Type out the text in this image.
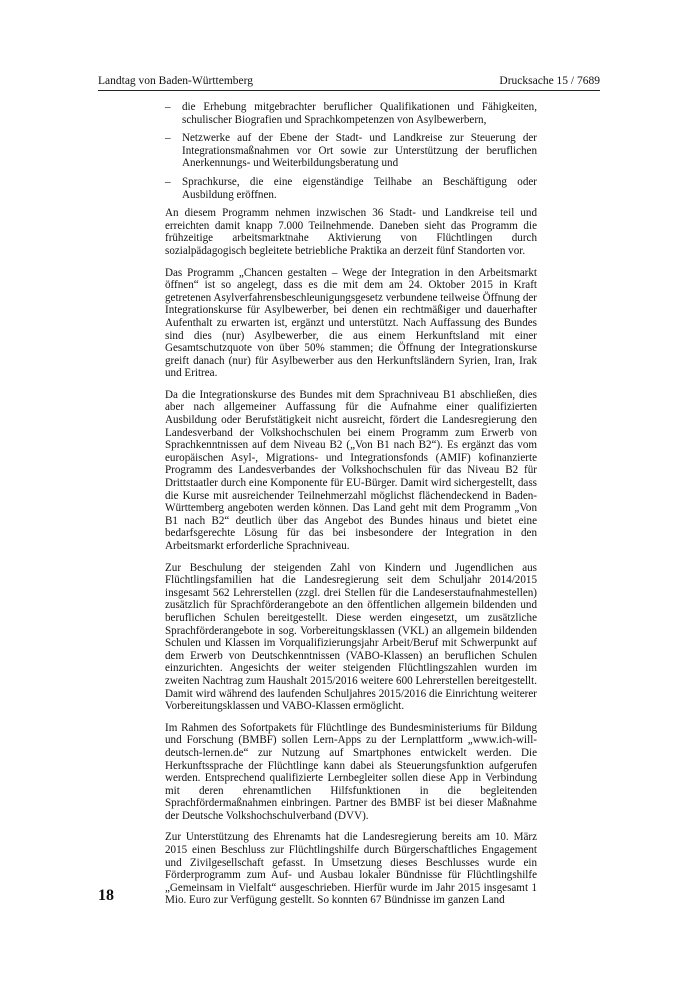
Landtag von Baden-Württemberg	Drucksache 15 / 7689
– die Erhebung mitgebrachter beruflicher Qualifikationen und Fähigkeiten, schulischer Biografien und Sprachkompetenzen von Asylbewerbern,
– Netzwerke auf der Ebene der Stadt- und Landkreise zur Steuerung der Integrationsmaßnahmen vor Ort sowie zur Unterstützung der beruflichen Anerkennungs- und Weiterbildungsberatung und
– Sprachkurse, die eine eigenständige Teilhabe an Beschäftigung oder Ausbildung eröffnen.

An diesem Programm nehmen inzwischen 36 Stadt- und Landkreise teil und erreichten damit knapp 7.000 Teilnehmende. Daneben sieht das Programm die frühzeitige arbeitsmarktnahe Aktivierung von Flüchtlingen durch sozialpädagogisch begleitete betriebliche Praktika an derzeit fünf Standorten vor.

Das Programm „Chancen gestalten – Wege der Integration in den Arbeitsmarkt öffnen“ ist so angelegt, dass es die mit dem am 24. Oktober 2015 in Kraft getretenen Asylverfahrensbeschleunigungsgesetz verbundene teilweise Öffnung der Integrationskurse für Asylbewerber, bei denen ein rechtmäßiger und dauerhafter Aufenthalt zu erwarten ist, ergänzt und unterstützt. Nach Auffassung des Bundes sind dies (nur) Asylbewerber, die aus einem Herkunftsland mit einer Gesamtschutzquote von über 50% stammen; die Öffnung der Integrationskurse greift danach (nur) für Asylbewerber aus den Herkunftsländern Syrien, Iran, Irak und Eritrea.

Da die Integrationskurse des Bundes mit dem Sprachniveau B1 abschließen, dies aber nach allgemeiner Auffassung für die Aufnahme einer qualifizierten Ausbildung oder Berufstätigkeit nicht ausreicht, fördert die Landesregierung den Landesverband der Volkshochschulen bei einem Programm zum Erwerb von Sprachkenntnissen auf dem Niveau B2 („Von B1 nach B2“). Es ergänzt das vom europäischen Asyl-, Migrations- und Integrationsfonds (AMIF) kofinanzierte Programm des Landesverbandes der Volkshochschulen für das Niveau B2 für Drittstaatler durch eine Komponente für EU-Bürger. Damit wird sichergestellt, dass die Kurse mit ausreichender Teilnehmerzahl möglichst flächendeckend in Baden-Württemberg angeboten werden können. Das Land geht mit dem Programm „Von B1 nach B2“ deutlich über das Angebot des Bundes hinaus und bietet eine bedarfsgerechte Lösung für das bei insbesondere der Integration in den Arbeitsmarkt erforderliche Sprachniveau.

Zur Beschulung der steigenden Zahl von Kindern und Jugendlichen aus Flüchtlingsfamilien hat die Landesregierung seit dem Schuljahr 2014/2015 insgesamt 562 Lehrerstellen (zzgl. drei Stellen für die Landeserstaufnahmestellen) zusätzlich für Sprachförderangebote an den öffentlichen allgemein bildenden und beruflichen Schulen bereitgestellt. Diese werden eingesetzt, um zusätzliche Sprachförderangebote in sog. Vorbereitungsklassen (VKL) an allgemein bildenden Schulen und Klassen im Vorqualifizierungsjahr Arbeit/Beruf mit Schwerpunkt auf dem Erwerb von Deutschkenntnissen (VABO-Klassen) an beruflichen Schulen einzurichten. Angesichts der weiter steigenden Flüchtlingszahlen wurden im zweiten Nachtrag zum Haushalt 2015/2016 weitere 600 Lehrerstellen bereitgestellt. Damit wird während des laufenden Schuljahres 2015/2016 die Einrichtung weiterer Vorbereitungsklassen und VABO-Klassen ermöglicht.

Im Rahmen des Sofortpakets für Flüchtlinge des Bundesministeriums für Bildung und Forschung (BMBF) sollen Lern-Apps zu der Lernplattform „www.ich-will-deutsch-lernen.de“ zur Nutzung auf Smartphones entwickelt werden. Die Herkunftssprache der Flüchtlinge kann dabei als Steuerungsfunktion aufgerufen werden. Entsprechend qualifizierte Lernbegleiter sollen diese App in Verbindung mit deren ehrenamtlichen Hilfsfunktionen in die begleitenden Sprachfördermaßnahmen einbringen. Partner des BMBF ist bei dieser Maßnahme der Deutsche Volkshochschulverband (DVV).

Zur Unterstützung des Ehrenamts hat die Landesregierung bereits am 10. März 2015 einen Beschluss zur Flüchtlingshilfe durch Bürgerschaftliches Engagement und Zivilgesellschaft gefasst. In Umsetzung dieses Beschlusses wurde ein Förderprogramm zum Auf- und Ausbau lokaler Bündnisse für Flüchtlingshilfe „Gemeinsam in Vielfalt“ ausgeschrieben. Hierfür wurde im Jahr 2015 insgesamt 1 Mio. Euro zur Verfügung gestellt. So konnten 67 Bündnisse im ganzen Land

18
